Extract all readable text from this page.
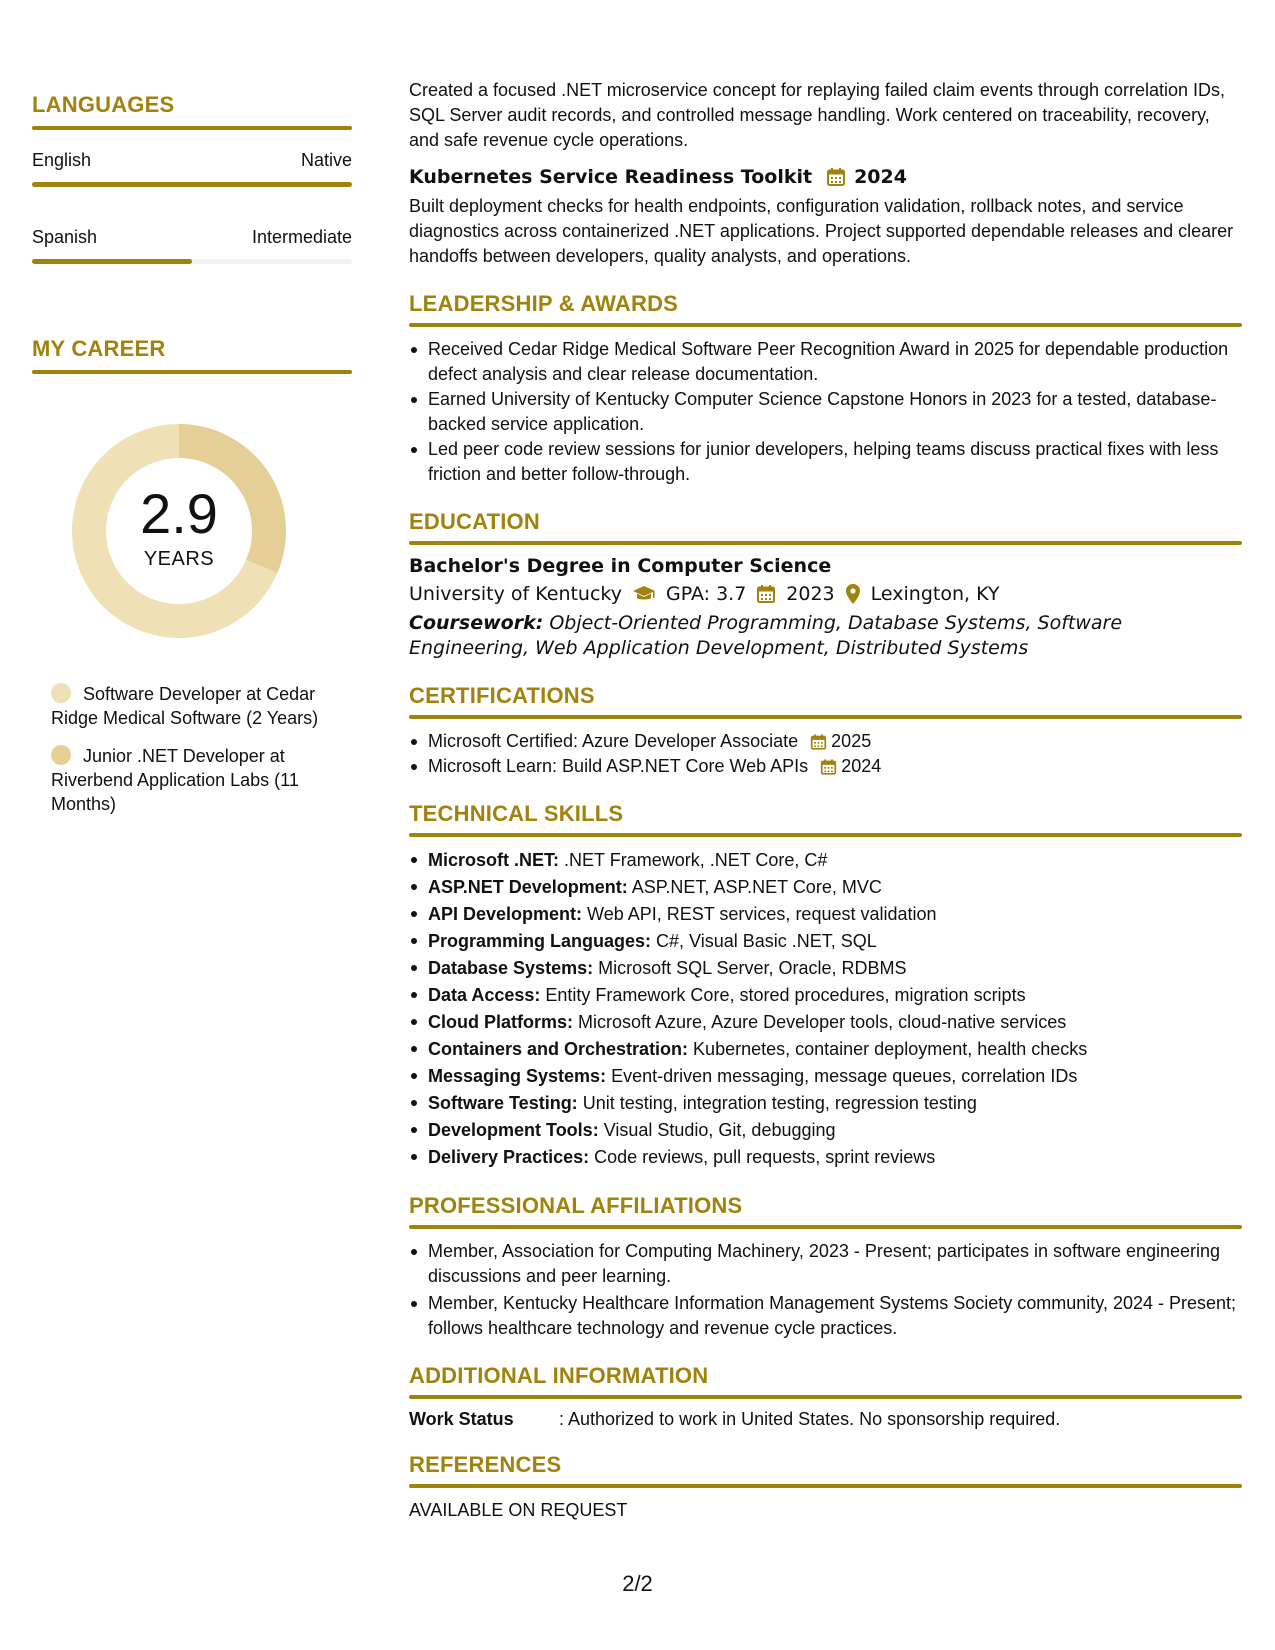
LANGUAGES
English	Native
Spanish	Intermediate
MY CAREER
2.9
YEARS
Software Developer at Cedar Ridge Medical Software (2 Years)
Junior .NET Developer at Riverbend Application Labs (11 Months)
Created a focused .NET microservice concept for replaying failed claim events through correlation IDs, SQL Server audit records, and controlled message handling. Work centered on traceability, recovery, and safe revenue cycle operations.
Kubernetes Service Readiness Toolkit 2024
Built deployment checks for health endpoints, configuration validation, rollback notes, and service diagnostics across containerized .NET applications. Project supported dependable releases and clearer handoffs between developers, quality analysts, and operations.
LEADERSHIP & AWARDS
Received Cedar Ridge Medical Software Peer Recognition Award in 2025 for dependable production defect analysis and clear release documentation.
Earned University of Kentucky Computer Science Capstone Honors in 2023 for a tested, database-backed service application.
Led peer code review sessions for junior developers, helping teams discuss practical fixes with less friction and better follow-through.
EDUCATION
Bachelor's Degree in Computer Science
University of Kentucky GPA: 3.7 2023 Lexington, KY
Coursework: Object-Oriented Programming, Database Systems, Software Engineering, Web Application Development, Distributed Systems
CERTIFICATIONS
Microsoft Certified: Azure Developer Associate 2025
Microsoft Learn: Build ASP.NET Core Web APIs 2024
TECHNICAL SKILLS
Microsoft .NET: .NET Framework, .NET Core, C#
ASP.NET Development: ASP.NET, ASP.NET Core, MVC
API Development: Web API, REST services, request validation
Programming Languages: C#, Visual Basic .NET, SQL
Database Systems: Microsoft SQL Server, Oracle, RDBMS
Data Access: Entity Framework Core, stored procedures, migration scripts
Cloud Platforms: Microsoft Azure, Azure Developer tools, cloud-native services
Containers and Orchestration: Kubernetes, container deployment, health checks
Messaging Systems: Event-driven messaging, message queues, correlation IDs
Software Testing: Unit testing, integration testing, regression testing
Development Tools: Visual Studio, Git, debugging
Delivery Practices: Code reviews, pull requests, sprint reviews
PROFESSIONAL AFFILIATIONS
Member, Association for Computing Machinery, 2023 - Present; participates in software engineering discussions and peer learning.
Member, Kentucky Healthcare Information Management Systems Society community, 2024 - Present; follows healthcare technology and revenue cycle practices.
ADDITIONAL INFORMATION
Work Status	: Authorized to work in United States. No sponsorship required.
REFERENCES
AVAILABLE ON REQUEST
2/2
